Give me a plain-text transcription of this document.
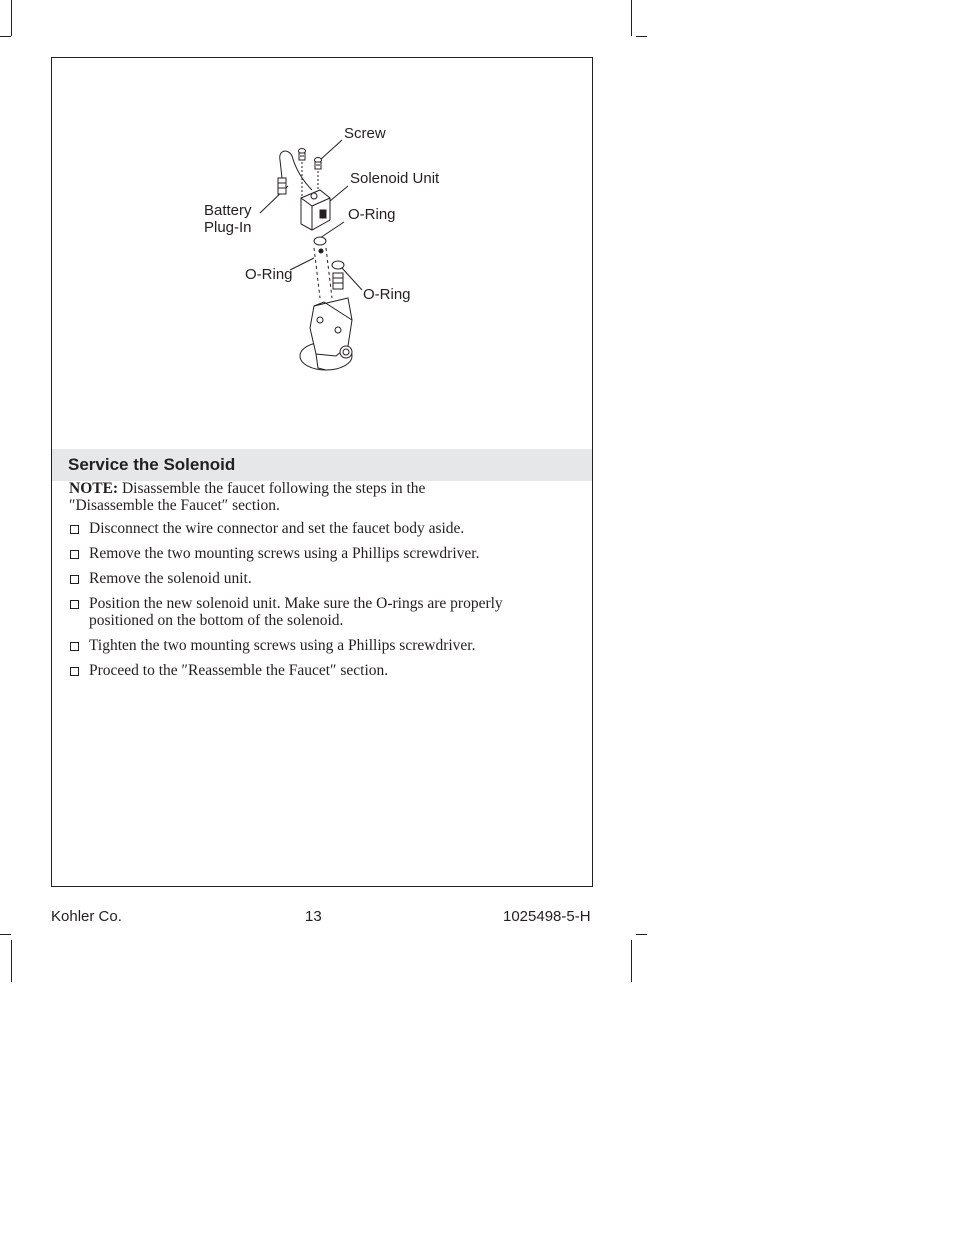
Screw
Solenoid Unit
Battery
Plug-In
O-Ring
O-Ring
O-Ring
Service the Solenoid
NOTE: Disassemble the faucet following the steps in the ″Disassemble the Faucet″ section.
Disconnect the wire connector and set the faucet body aside.
Remove the two mounting screws using a Phillips screwdriver.
Remove the solenoid unit.
Position the new solenoid unit. Make sure the O-rings are properly positioned on the bottom of the solenoid.
Tighten the two mounting screws using a Phillips screwdriver.
Proceed to the ″Reassemble the Faucet″ section.
Kohler Co.	13	1025498-5-H
